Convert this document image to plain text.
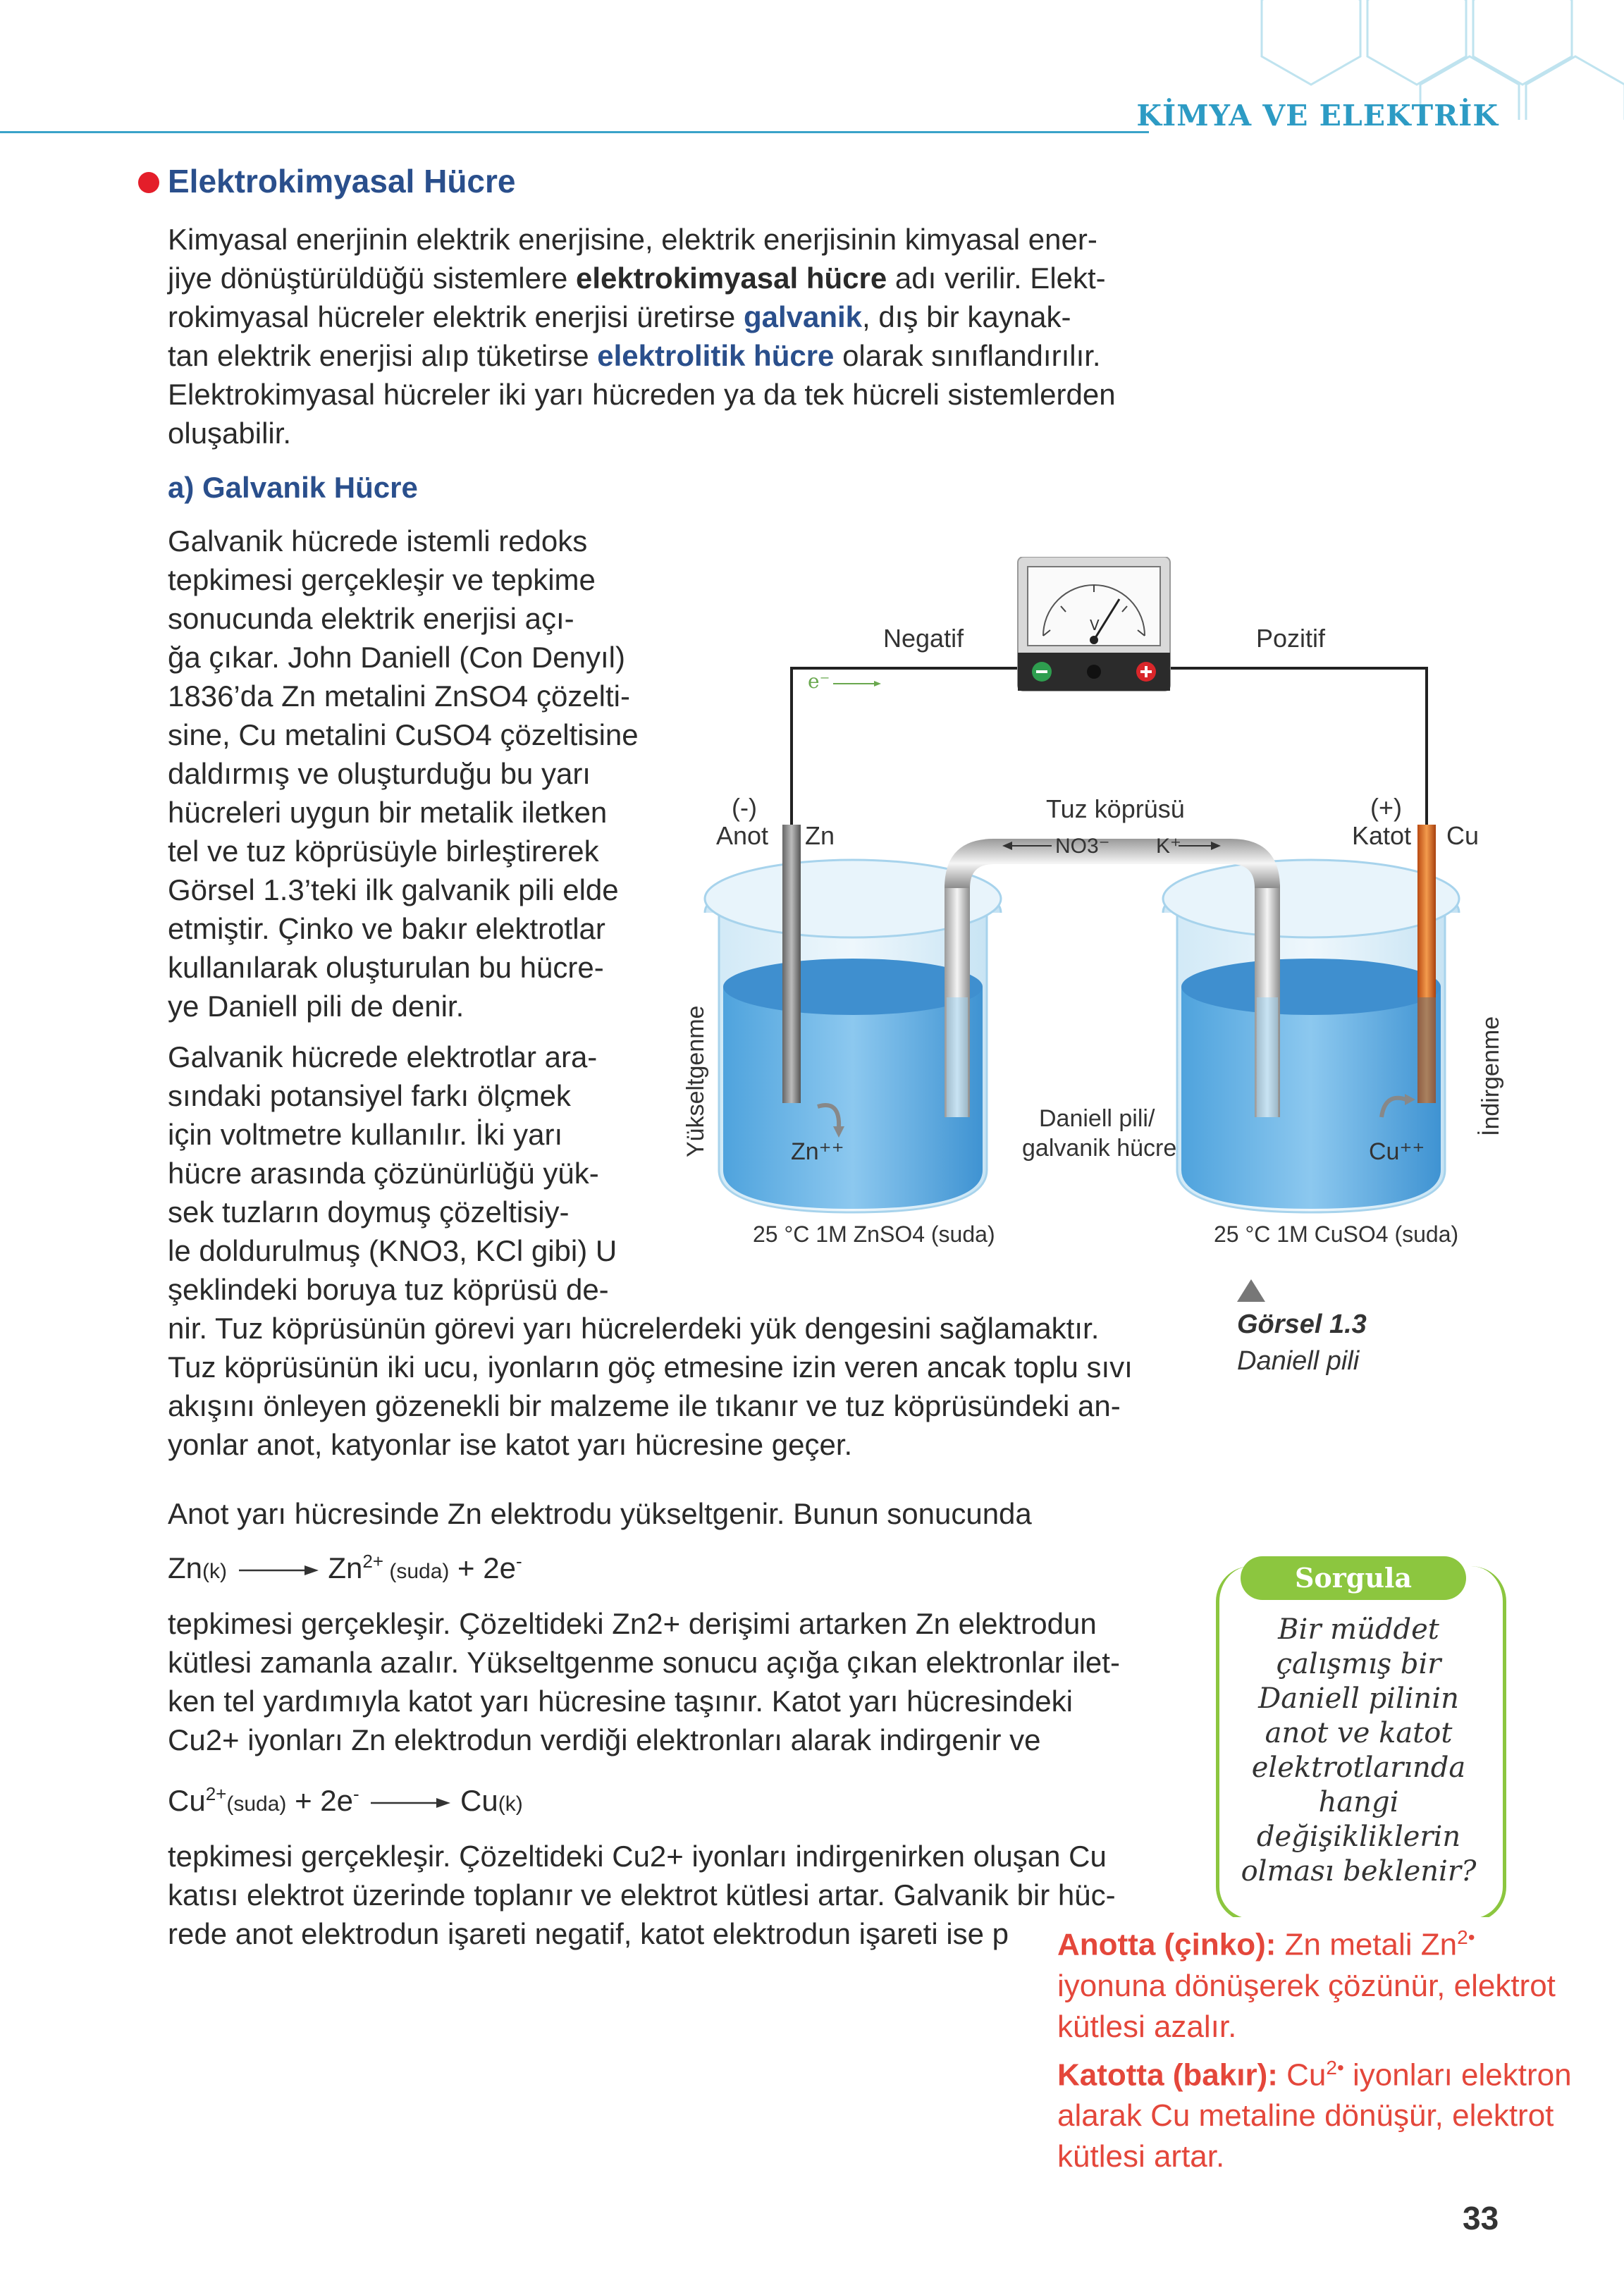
KİMYA VE ELEKTRİK
Elektrokimyasal Hücre
Kimyasal enerjinin elektrik enerjisine, elektrik enerjisinin kimyasal ener-
jiye dönüştürüldüğü sistemlere elektrokimyasal hücre adı verilir. Elekt-
rokimyasal hücreler elektrik enerjisi üretirse galvanik, dış bir kaynak-
tan elektrik enerjisi alıp tüketirse elektrolitik hücre olarak sınıflandırılır.
Elektrokimyasal hücreler iki yarı hücreden ya da tek hücreli sistemlerden
oluşabilir.
a) Galvanik Hücre
Galvanik hücrede istemli redoks
tepkimesi gerçekleşir ve tepkime
sonucunda elektrik enerjisi açı-
ğa çıkar. John Daniell (Con Denyıl)
1836’da Zn metalini ZnSO4 çözelti-
sine, Cu metalini CuSO4 çözeltisine
daldırmış ve oluşturduğu bu yarı
hücreleri uygun bir metalik iletken
tel ve tuz köprüsüyle birleştirerek
Görsel 1.3’teki ilk galvanik pili elde
etmiştir. Çinko ve bakır elektrotlar
kullanılarak oluşturulan bu hücre-
ye Daniell pili de denir.
Galvanik hücrede elektrotlar ara-
sındaki potansiyel farkı ölçmek
için voltmetre kullanılır. İki yarı
hücre arasında çözünürlüğü yük-
sek tuzların doymuş çözeltisiy-
le doldurulmuş (KNO3, KCl gibi) U
şeklindeki boruya tuz köprüsü de-
nir. Tuz köprüsünün görevi yarı hücrelerdeki yük dengesini sağlamaktır.
Tuz köprüsünün iki ucu, iyonların göç etmesine izin veren ancak toplu sıvı
akışını önleyen gözenekli bir malzeme ile tıkanır ve tuz köprüsündeki an-
yonlar anot, katyonlar ise katot yarı hücresine geçer.
Anot yarı hücresinde Zn elektrodu yükseltgenir. Bunun sonucunda
$Zn(k) \to Zn^{2+}$ (suda) + 2e-
tepkimesi gerçekleşir. Çözeltideki Zn2+ derişimi artarken Zn elektrodun
kütlesi zamanla azalır. Yükseltgenme sonucu açığa çıkan elektronlar ilet-
ken tel yardımıyla katot yarı hücresine taşınır. Katot yarı hücresindeki
Cu2+ iyonları Zn elektrodun verdiği elektronları alarak indirgenir ve
$Cu^{2+}(suda) + 2e^- \to Cu(k)$
tepkimesi gerçekleşir. Çözeltideki Cu2+ iyonları indirgenirken oluşan Cu
katısı elektrot üzerinde toplanır ve elektrot kütlesi artar. Galvanik bir hüc-
rede anot elektrodun işareti negatif, katot elektrodun işareti ise p
V
Negatif	Pozitif
e⁻
(-)
Anot Zn
(+)
Katot Cu
Tuz köprüsü
NO3⁻ K⁺
Zn⁺⁺	Cu⁺⁺
Daniell pili/
galvanik hücre
Yükseltgenme	İndirgenme
25 °C 1M ZnSO4 (suda)	25 °C 1M CuSO4 (suda)
Görsel 1.3
Daniell pili
Sorgula
Bir müddet
çalışmış bir
Daniell pilinin
anot ve katot
elektrotlarında
hangi
değişikliklerin
olması beklenir?
Anotta (çinko): Zn metali $Zn^{2•}$
iyonuna dönüşerek çözünür, elektrot
kütlesi azalır.
Katotta (bakır): $Cu^{2•}$ iyonları elektron
alarak Cu metaline dönüşür, elektrot
kütlesi artar.
33
